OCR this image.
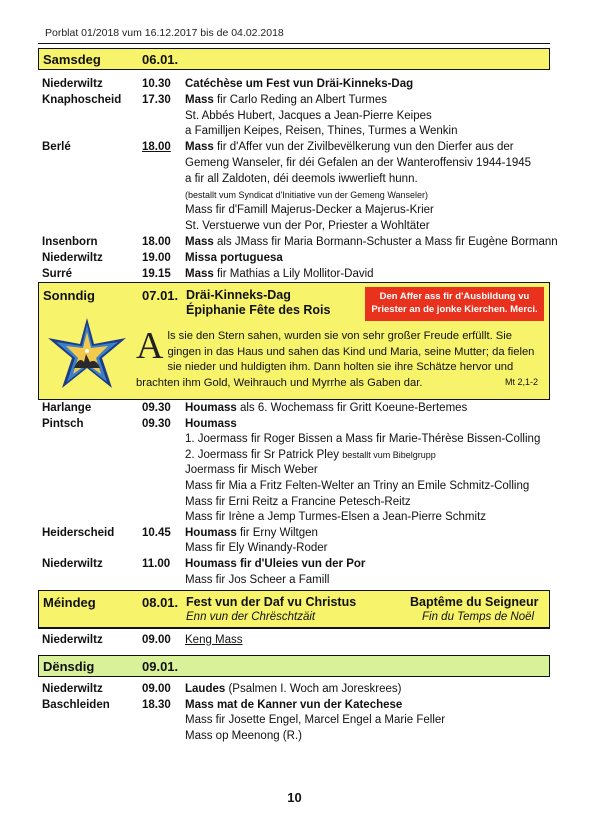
Porblat 01/2018 vum 16.12.2017 bis de 04.02.2018
Samsdeg	06.01.
Niederwiltz	10.30 Catéchèse um Fest vun Dräi-Kinneks-Dag
Knaphoscheid 17.30 Mass fir Carlo Reding an Albert Turmes
St. Abbés Hubert, Jacques a Jean-Pierre Keipes
a Familljen Keipes, Reisen, Thines, Turmes a Wenkin
Berlé	18.00 Mass fir d'Affer vun der Zivilbevëlkerung vun den Dierfer aus der
Gemeng Wanseler, fir déi Gefalen an der Wanteroffensiv 1944-1945
a fir all Zaldoten, déi deemols iwwerlieft hunn.
(bestallt vum Syndicat d'Initiative vun der Gemeng Wanseler)
Mass fir d'Famill Majerus-Decker a Majerus-Krier
St. Verstuerwe vun der Por, Priester a Wohltäter
Insenborn	18.00 Mass als JMass fir Maria Bormann-Schuster a Mass fir Eugène Bormann
Niederwiltz	19.00 Missa portuguesa
Surré	19.15 Mass fir Mathias a Lily Mollitor-David
Sonndig	07.01. Dräi-Kinneks-Dag
Épiphanie Fête des Rois
Den Affer ass fir d'Ausbildung vu
Priester an de jonke Kierchen. Merci.
Als sie den Stern sahen, wurden sie von sehr großer Freude erfüllt. Sie gingen in das Haus und sahen das Kind und Maria, seine Mutter; da fielen sie nieder und huldigten ihm. Dann holten sie ihre Schätze hervor und brachten ihm Gold, Weihrauch und Myrrhe als Gaben dar.	Mt 2,1-2
Harlange	09.30 Houmass als 6. Wochemass fir Gritt Koeune-Bertemes
Pintsch	09.30 Houmass
1. Joermass fir Roger Bissen a Mass fir Marie-Thérèse Bissen-Colling
2. Joermass fir Sr Patrick Pley bestallt vum Bibelgrupp
Joermass fir Misch Weber
Mass fir Mia a Fritz Felten-Welter an Triny an Emile Schmitz-Colling
Mass fir Erni Reitz a Francine Petesch-Reitz
Mass fir Irène a Jemp Turmes-Elsen a Jean-Pierre Schmitz
Heiderscheid 10.45 Houmass fir Erny Wiltgen
Mass fir Ely Winandy-Roder
Niederwiltz	11.00 Houmass fir d'Uleies vun der Por
Mass fir Jos Scheer a Famill
Méindeg	08.01. Fest vun der Daf vu Christus	Baptême du Seigneur
Enn vun der Chrëschtzäit	Fin du Temps de Noël
Niederwiltz	09.00 Keng Mass
Dënsdig	09.01.
Niederwiltz	09.00 Laudes (Psalmen I. Woch am Joreskrees)
Baschleiden	18.30 Mass mat de Kanner vun der Katechese
Mass fir Josette Engel, Marcel Engel a Marie Feller
Mass op Meenong (R.)
10
